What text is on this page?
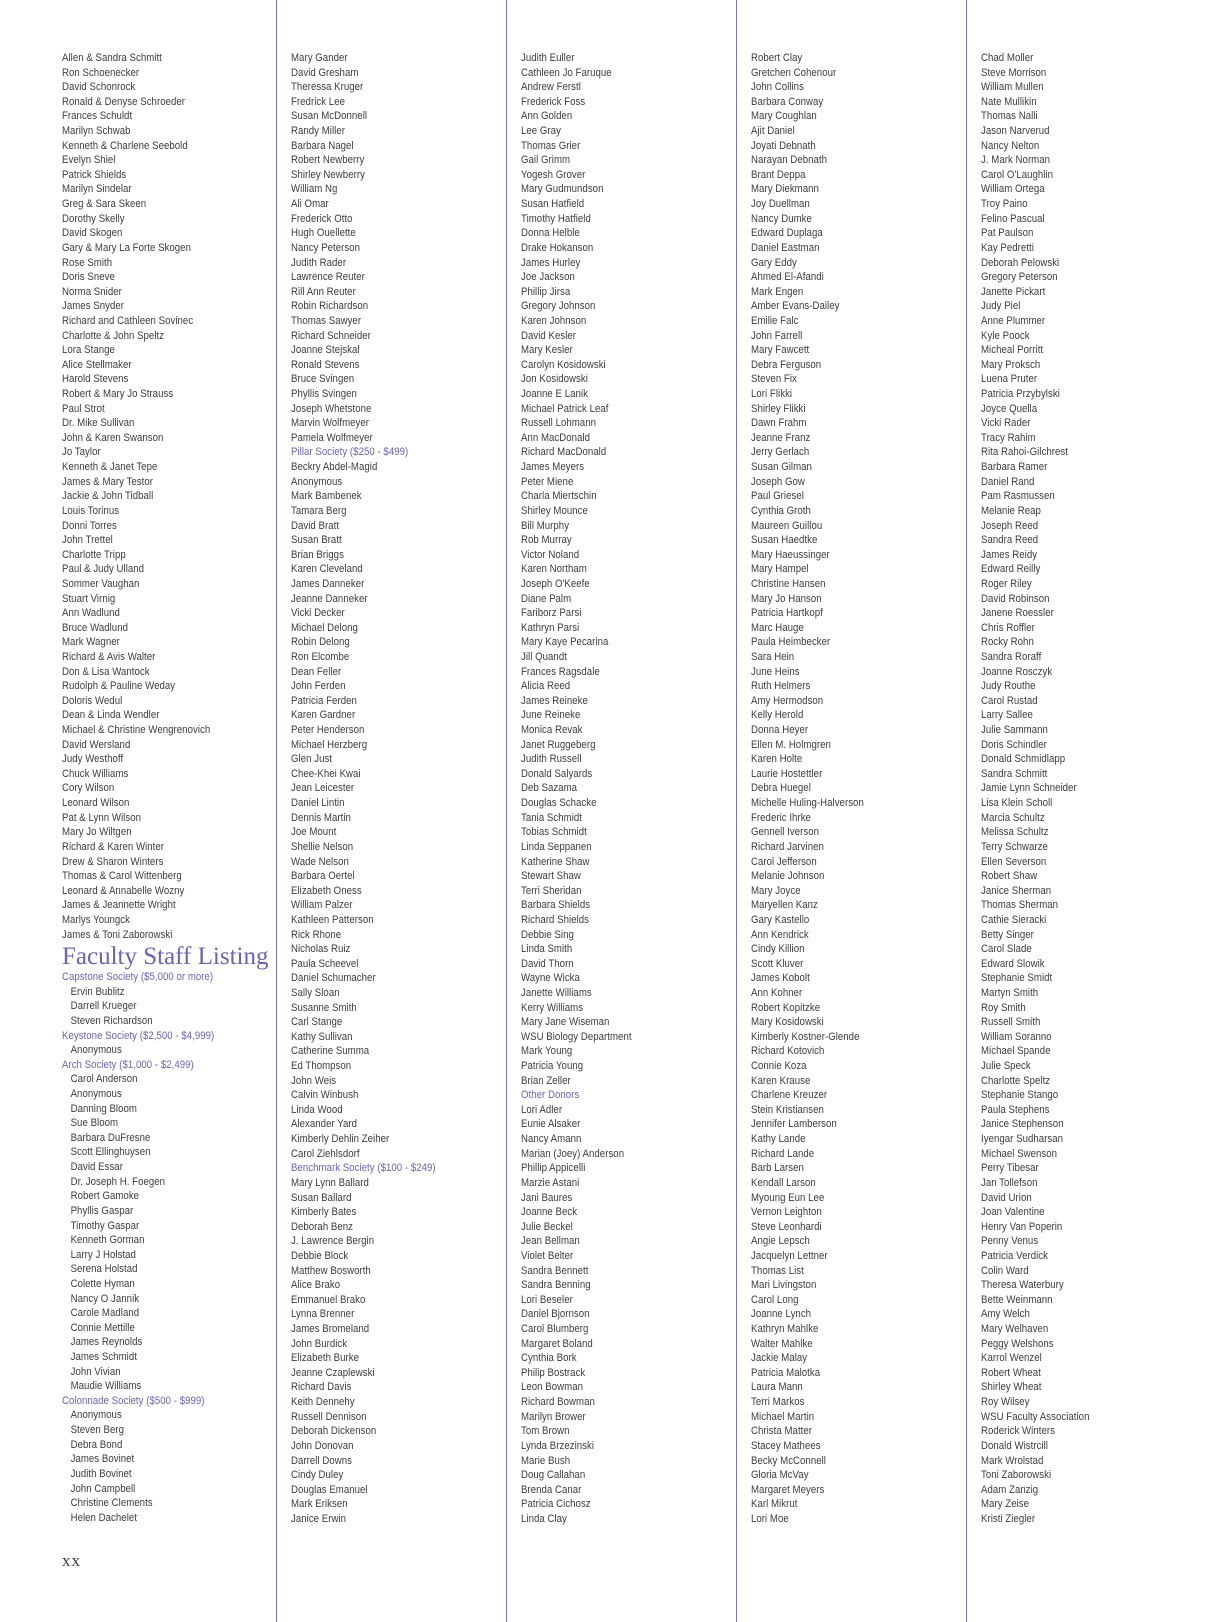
Allen & Sandra Schmitt
Ron Schoenecker
David Schonrock
Ronald & Denyse Schroeder
Frances Schuldt
Marilyn Schwab
Kenneth & Charlene Seebold
Evelyn Shiel
Patrick Shields
Marilyn Sindelar
Greg & Sara Skeen
Dorothy Skelly
David Skogen
Gary & Mary La Forte Skogen
Rose Smith
Doris Sneve
Norma Snider
James Snyder
Richard and Cathleen Sovinec
Charlotte & John Speltz
Lora Stange
Alice Stellmaker
Harold Stevens
Robert & Mary Jo Strauss
Paul Strot
Dr. Mike Sullivan
John & Karen Swanson
Jo Taylor
Kenneth & Janet Tepe
James & Mary Testor
Jackie & John Tidball
Louis Torinus
Donni Torres
John Trettel
Charlotte Tripp
Paul & Judy Ulland
Sommer Vaughan
Stuart Virnig
Ann Wadlund
Bruce Wadlund
Mark Wagner
Richard & Avis Walter
Don & Lisa Wantock
Rudolph & Pauline Weday
Doloris Wedul
Dean & Linda Wendler
Michael & Christine Wengrenovich
David Wersland
Judy Westhoff
Chuck Williams
Cory Wilson
Leonard Wilson
Pat & Lynn Wilson
Mary Jo Wiltgen
Richard & Karen Winter
Drew & Sharon Winters
Thomas & Carol Wittenberg
Leonard & Annabelle Wozny
James & Jeannette Wright
Marlys Youngck
James & Toni Zaborowski
Faculty Staff Listing
Capstone Society ($5,000 or more)
Ervin Bublitz
Darrell Krueger
Steven Richardson
Keystone Society ($2,500 - $4,999)
Anonymous
Arch Society ($1,000 - $2,499)
Carol Anderson
Anonymous
Danning Bloom
Sue Bloom
Barbara DuFresne
Scott Ellinghuysen
David Essar
Dr. Joseph H. Foegen
Robert Gamoke
Phyllis Gaspar
Timothy Gaspar
Kenneth Gorman
Larry J Holstad
Serena Holstad
Colette Hyman
Nancy O Jannik
Carole Madland
Connie Mettille
James Reynolds
James Schmidt
John Vivian
Maudie Williams
Colonnade Society ($500 - $999)
Anonymous
Steven Berg
Debra Bond
James Bovinet
Judith Bovinet
John Campbell
Christine Clements
Helen Dachelet
Mary Gander
David Gresham
Theressa Kruger
Fredrick Lee
Susan McDonnell
Randy Miller
Barbara Nagel
Robert Newberry
Shirley Newberry
William Ng
Ali Omar
Frederick Otto
Hugh Ouellette
Nancy Peterson
Judith Rader
Lawrence Reuter
Rill Ann Reuter
Robin Richardson
Thomas Sawyer
Richard Schneider
Joanne Stejskal
Ronald Stevens
Bruce Svingen
Phyllis Svingen
Joseph Whetstone
Marvin Wolfmeyer
Pamela Wolfmeyer
Pillar Society ($250 - $499)
Beckry Abdel-Magid
Anonymous
Mark Bambenek
Tamara Berg
David Bratt
Susan Bratt
Brian Briggs
Karen Cleveland
James Danneker
Jeanne Danneker
Vicki Decker
Michael Delong
Robin Delong
Ron Elcombe
Dean Feller
John Ferden
Patricia Ferden
Karen Gardner
Peter Henderson
Michael Herzberg
Glen Just
Chee-Khei Kwai
Jean Leicester
Daniel Lintin
Dennis Martin
Joe Mount
Shellie Nelson
Wade Nelson
Barbara Oertel
Elizabeth Oness
William Palzer
Kathleen Patterson
Rick Rhone
Nicholas Ruiz
Paula Scheevel
Daniel Schumacher
Sally Sloan
Susanne Smith
Carl Stange
Kathy Sullivan
Catherine Summa
Ed Thompson
John Weis
Calvin Winbush
Linda Wood
Alexander Yard
Kimberly Dehlin Zeiher
Carol Ziehlsdorf
Benchmark Society ($100 - $249)
Mary Lynn Ballard
Susan Ballard
Kimberly Bates
Deborah Benz
J. Lawrence Bergin
Debbie Block
Matthew Bosworth
Alice Brako
Emmanuel Brako
Lynna Brenner
James Bromeland
John Burdick
Elizabeth Burke
Jeanne Czaplewski
Richard Davis
Keith Dennehy
Russell Dennison
Deborah Dickenson
John Donovan
Darrell Downs
Cindy Duley
Douglas Emanuel
Mark Eriksen
Janice Erwin
Judith Euller
Cathleen Jo Faruque
Andrew Ferstl
Frederick Foss
Ann Golden
Lee Gray
Thomas Grier
Gail Grimm
Yogesh Grover
Mary Gudmundson
Susan Hatfield
Timothy Hatfield
Donna Helble
Drake Hokanson
James Hurley
Joe Jackson
Phillip Jirsa
Gregory Johnson
Karen Johnson
David Kesler
Mary Kesler
Carolyn Kosidowski
Jon Kosidowski
Joanne E Lanik
Michael Patrick Leaf
Russell Lohmann
Ann MacDonald
Richard MacDonald
James Meyers
Peter Miene
Charla Miertschin
Shirley Mounce
Bill Murphy
Rob Murray
Victor Noland
Karen Northam
Joseph O'Keefe
Diane Palm
Fariborz Parsi
Kathryn Parsi
Mary Kaye Pecarina
Jill Quandt
Frances Ragsdale
Alicia Reed
James Reineke
June Reineke
Monica Revak
Janet Ruggeberg
Judith Russell
Donald Salyards
Deb Sazama
Douglas Schacke
Tania Schmidt
Tobias Schmidt
Linda Seppanen
Katherine Shaw
Stewart Shaw
Terri Sheridan
Barbara Shields
Richard Shields
Debbie Sing
Linda Smith
David Thorn
Wayne Wicka
Janette Williams
Kerry Williams
Mary Jane Wiseman
WSU Biology Department
Mark Young
Patricia Young
Brian Zeller
Other Donors
Lori Adler
Eunie Alsaker
Nancy Amann
Marian (Joey) Anderson
Phillip Appicelli
Marzie Astani
Jani Baures
Joanne Beck
Julie Beckel
Jean Bellman
Violet Belter
Sandra Bennett
Sandra Benning
Lori Beseler
Daniel Bjornson
Carol Blumberg
Margaret Boland
Cynthia Bork
Philip Bostrack
Leon Bowman
Richard Bowman
Marilyn Brower
Tom Brown
Lynda Brzezinski
Marie Bush
Doug Callahan
Brenda Canar
Patricia Cichosz
Linda Clay
Robert Clay
Gretchen Cohenour
John Collins
Barbara Conway
Mary Coughlan
Ajit Daniel
Joyati Debnath
Narayan Debnath
Brant Deppa
Mary Diekmann
Joy Duellman
Nancy Dumke
Edward Duplaga
Daniel Eastman
Gary Eddy
Ahmed El-Afandi
Mark Engen
Amber Evans-Dailey
Emilie Falc
John Farrell
Mary Fawcett
Debra Ferguson
Steven Fix
Lori Flikki
Shirley Flikki
Dawn Frahm
Jeanne Franz
Jerry Gerlach
Susan Gilman
Joseph Gow
Paul Griesel
Cynthia Groth
Maureen Guillou
Susan Haedtke
Mary Haeussinger
Mary Hampel
Christine Hansen
Mary Jo Hanson
Patricia Hartkopf
Marc Hauge
Paula Heimbecker
Sara Hein
June Heins
Ruth Helmers
Amy Hermodson
Kelly Herold
Donna Heyer
Ellen M. Holmgren
Karen Holte
Laurie Hostettler
Debra Huegel
Michelle Huling-Halverson
Frederic Ihrke
Gennell Iverson
Richard Jarvinen
Carol Jefferson
Melanie Johnson
Mary Joyce
Maryellen Kanz
Gary Kastello
Ann Kendrick
Cindy Killion
Scott Kluver
James Kobolt
Ann Kohner
Robert Kopitzke
Mary Kosidowski
Kimberly Kostner-Glende
Richard Kotovich
Connie Koza
Karen Krause
Charlene Kreuzer
Stein Kristiansen
Jennifer Lamberson
Kathy Lande
Richard Lande
Barb Larsen
Kendall Larson
Myoung Eun Lee
Vernon Leighton
Steve Leonhardi
Angie Lepsch
Jacquelyn Lettner
Thomas List
Mari Livingston
Carol Long
Joanne Lynch
Kathryn Mahlke
Walter Mahlke
Jackie Malay
Patricia Malotka
Laura Mann
Terri Markos
Michael Martin
Christa Matter
Stacey Mathees
Becky McConnell
Gloria McVay
Margaret Meyers
Karl Mikrut
Lori Moe
Chad Moller
Steve Morrison
William Mullen
Nate Mullikin
Thomas Nalli
Jason Narverud
Nancy Nelton
J. Mark Norman
Carol O'Laughlin
William Ortega
Troy Paino
Felino Pascual
Pat Paulson
Kay Pedretti
Deborah Pelowski
Gregory Peterson
Janette Pickart
Judy Piel
Anne Plummer
Kyle Poock
Micheal Porritt
Mary Proksch
Luena Pruter
Patricia Przybylski
Joyce Quella
Vicki Rader
Tracy Rahim
Rita Rahoi-Gilchrest
Barbara Ramer
Daniel Rand
Pam Rasmussen
Melanie Reap
Joseph Reed
Sandra Reed
James Reidy
Edward Reilly
Roger Riley
David Robinson
Janene Roessler
Chris Roffler
Rocky Rohn
Sandra Roraff
Joanne Rosczyk
Judy Routhe
Carol Rustad
Larry Sallee
Julie Sammann
Doris Schindler
Donald Schmidlapp
Sandra Schmitt
Jamie Lynn Schneider
Lisa Klein Scholl
Marcia Schultz
Melissa Schultz
Terry Schwarze
Ellen Severson
Robert Shaw
Janice Sherman
Thomas Sherman
Cathie Sieracki
Betty Singer
Carol Slade
Edward Slowik
Stephanie Smidt
Martyn Smith
Roy Smith
Russell Smith
William Soranno
Michael Spande
Julie Speck
Charlotte Speltz
Stephanie Stango
Paula Stephens
Janice Stephenson
Iyengar Sudharsan
Michael Swenson
Perry Tibesar
Jan Tollefson
David Urion
Joan Valentine
Henry Van Poperin
Penny Venus
Patricia Verdick
Colin Ward
Theresa Waterbury
Bette Weinmann
Amy Welch
Mary Welhaven
Peggy Welshons
Karrol Wenzel
Robert Wheat
Shirley Wheat
Roy Wilsey
WSU Faculty Association
Roderick Winters
Donald Wistrcill
Mark Wrolstad
Toni Zaborowski
Adam Zanzig
Mary Zeise
Kristi Ziegler
xx
